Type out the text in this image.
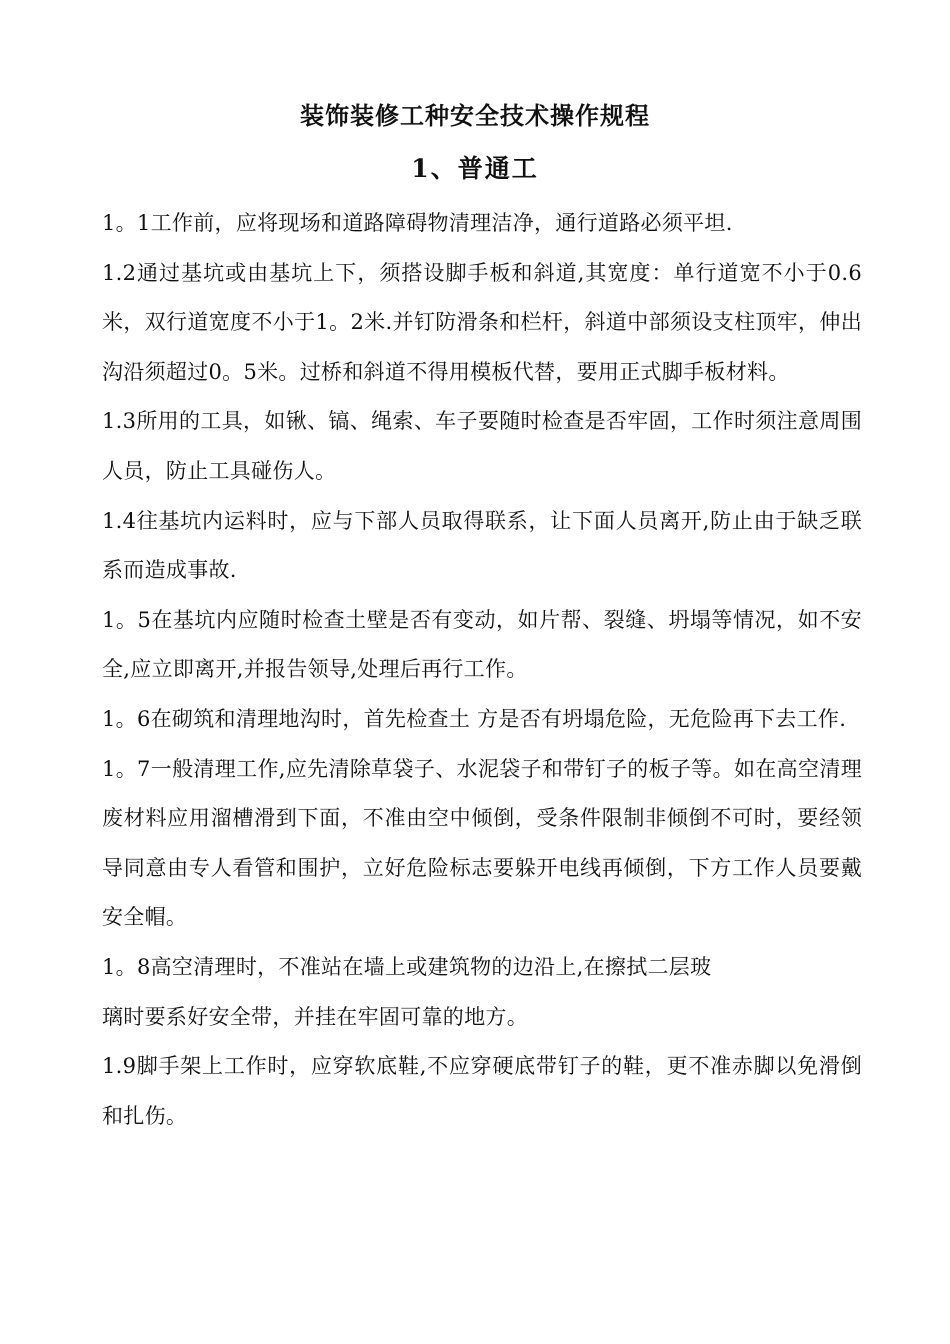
装饰装修工种安全技术操作规程
1、普通工

1。1工作前，应将现场和道路障碍物清理洁净，通行道路必须平坦.

1.2通过基坑或由基坑上下，须搭设脚手板和斜道,其宽度：单行道宽不小于0.6米，双行道宽度不小于1。2米.并钉防滑条和栏杆，斜道中部须设支柱顶牢，伸出沟沿须超过0。5米。过桥和斜道不得用模板代替，要用正式脚手板材料。

1.3所用的工具，如锹、镐、绳索、车子要随时检查是否牢固，工作时须注意周围人员，防止工具碰伤人。

1.4往基坑内运料时，应与下部人员取得联系，让下面人员离开,防止由于缺乏联系而造成事故.

1。5在基坑内应随时检查土壁是否有变动，如片帮、裂缝、坍塌等情况，如不安全,应立即离开,并报告领导,处理后再行工作。

1。6在砌筑和清理地沟时，首先检查土 方是否有坍塌危险，无危险再下去工作.

1。7一般清理工作,应先清除草袋子、水泥袋子和带钉子的板子等。如在高空清理废材料应用溜槽滑到下面，不准由空中倾倒，受条件限制非倾倒不可时，要经领导同意由专人看管和围护，立好危险标志要躲开电线再倾倒，下方工作人员要戴安全帽。

1。8高空清理时，不准站在墙上或建筑物的边沿上,在擦拭二层玻

璃时要系好安全带，并挂在牢固可靠的地方。

1.9脚手架上工作时，应穿软底鞋,不应穿硬底带钉子的鞋，更不准赤脚以免滑倒和扎伤。
